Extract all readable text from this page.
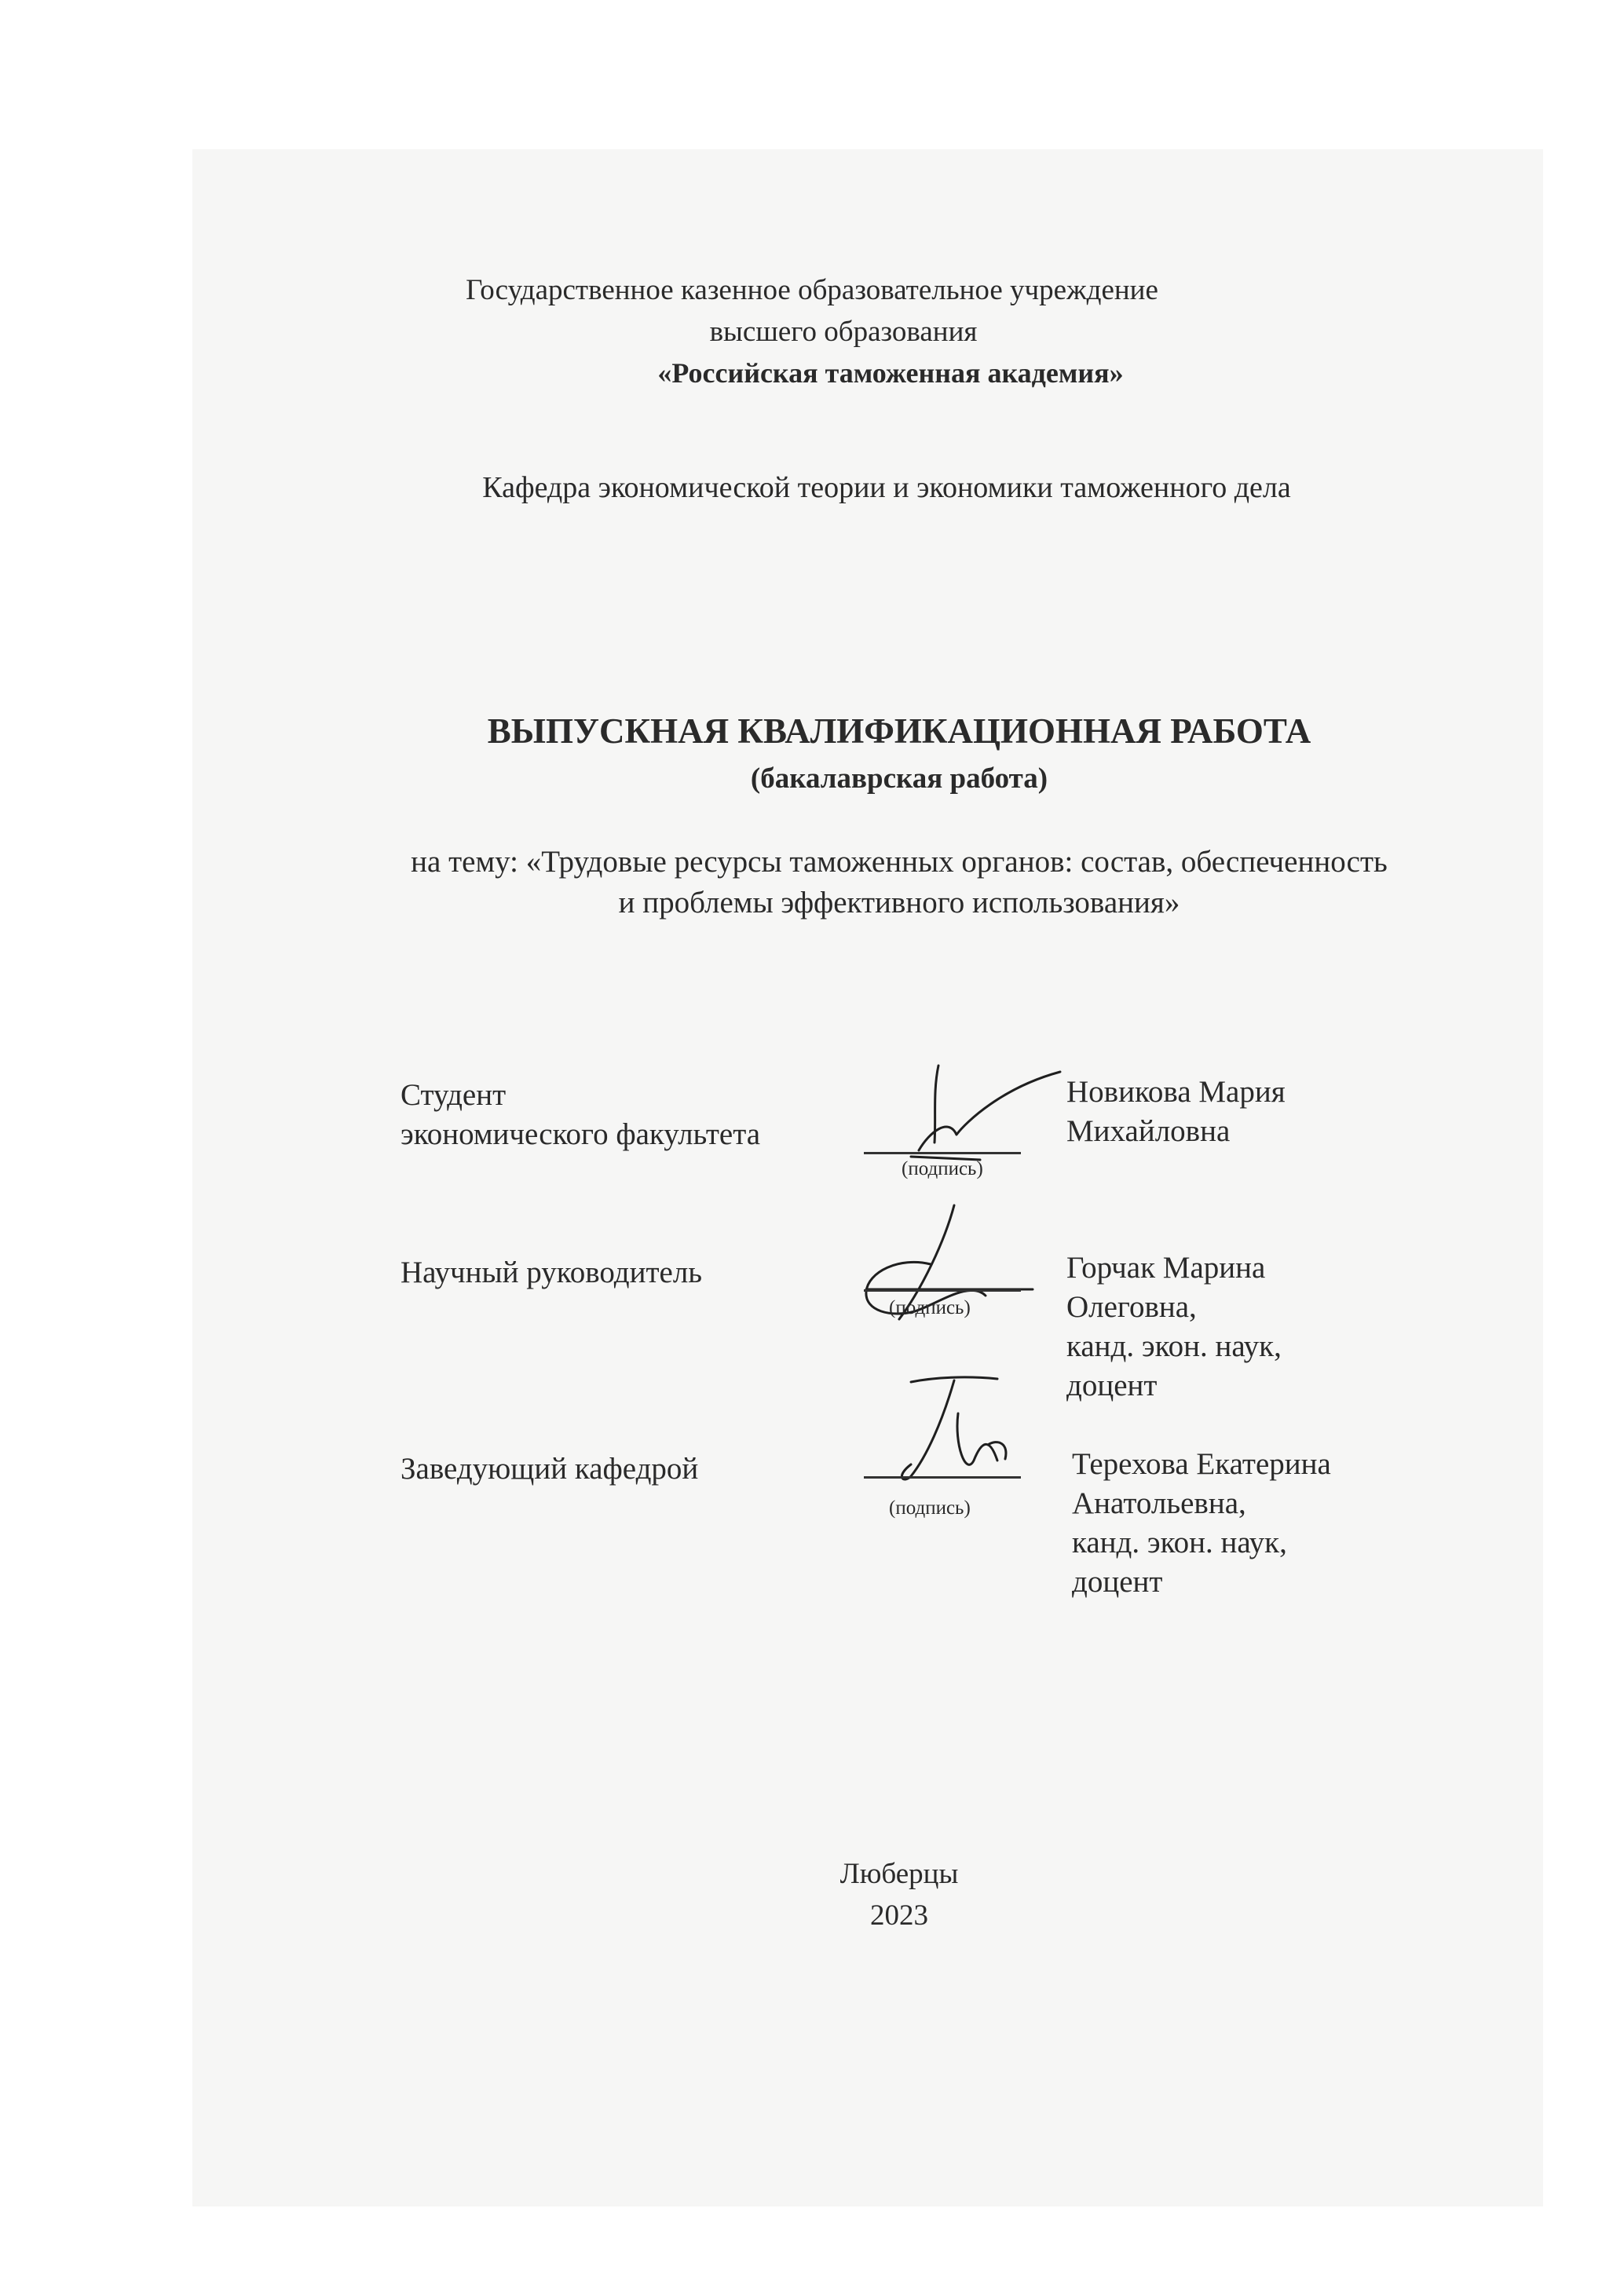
Государственное казенное образовательное учреждение
высшего образования
«Российская таможенная академия»
Кафедра экономической теории и экономики таможенного дела
ВЫПУСКНАЯ КВАЛИФИКАЦИОННАЯ РАБОТА
(бакалаврская работа)
на тему: «Трудовые ресурсы таможенных органов: состав, обеспеченность
и проблемы эффективного использования»
Студент
экономического факультета
(подпись)
Новикова Мария
Михайловна
Научный руководитель
(подпись)
Горчак Марина
Олеговна,
канд. экон. наук,
доцент
Заведующий кафедрой
(подпись)
Терехова Екатерина
Анатольевна,
канд. экон. наук,
доцент
Люберцы
2023
